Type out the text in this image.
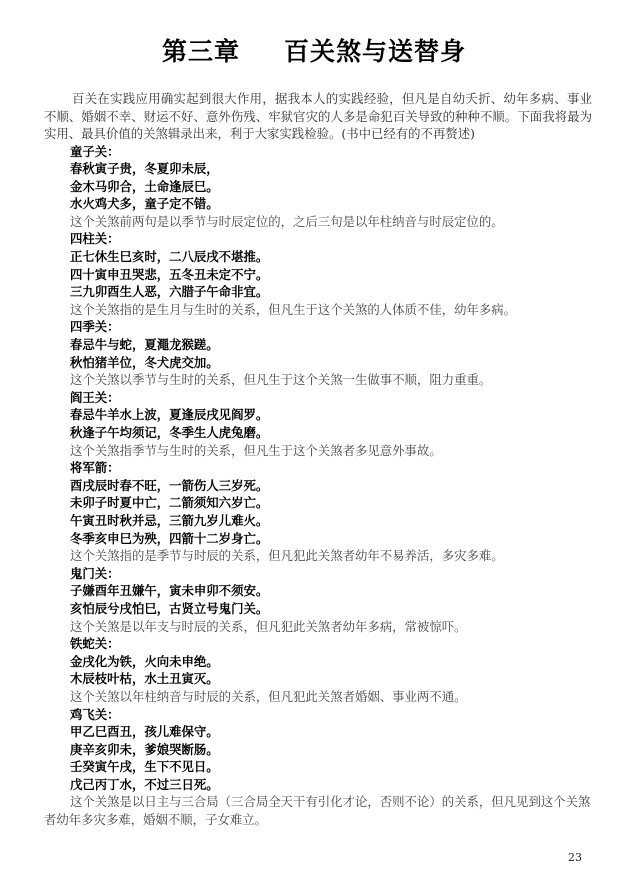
第三章 百关煞与送替身

百关在实践应用确实起到很大作用，据我本人的实践经验，但凡是自幼夭折、幼年多病、事业不顺、婚姻不幸、财运不好、意外伤残、牢狱官灾的人多是命犯百关导致的种种不顺。下面我将最为实用、最具价值的关煞辑录出来，利于大家实践检验。(书中已经有的不再赘述)

童子关：
春秋寅子贵，冬夏卯未辰，
金木马卯合，土命逢辰巳。
水火鸡犬多，童子定不错。
这个关煞前两句是以季节与时辰定位的，之后三句是以年柱纳音与时辰定位的。
四柱关：
正七休生巳亥时，二八辰戌不堪推。
四十寅申丑哭悲，五冬丑未定不宁。
三九卯酉生人恶，六腊子午命非宜。
这个关煞指的是生月与生时的关系，但凡生于这个关煞的人体质不佳，幼年多病。
四季关：
春忌牛与蛇，夏澠龙猴蹉。
秋怕猪羊位，冬犬虎交加。
这个关煞以季节与生时的关系，但凡生于这个关煞一生做事不顺，阻力重重。
阎王关：
春忌牛羊水上波，夏逢辰戌见阎罗。
秋逢子午均须记，冬季生人虎兔磨。
这个关煞指季节与生时的关系，但凡生于这个关煞者多见意外事故。
将军箭：
酉戌辰时春不旺，一箭伤人三岁死。
未卯子时夏中亡，二箭须知六岁亡。
午寅丑时秋并忌，三箭九岁儿难火。
冬季亥申巳为殃，四箭十二岁身亡。
这个关煞指的是季节与时辰的关系，但凡犯此关煞者幼年不易养活，多灾多难。
鬼门关：
子嫌酉年丑嫌午，寅未申卯不须安。
亥怕辰兮戌怕巳，古贤立号鬼门关。
这个关煞是以年支与时辰的关系，但凡犯此关煞者幼年多病，常被惊吓。
铁蛇关：
金戌化为铁，火向未申绝。
木辰枝叶枯，水土丑寅灭。
这个关煞以年柱纳音与时辰的关系，但凡犯此关煞者婚姻、事业两不通。
鸡飞关：
甲乙巳酉丑，孩儿难保守。
庚辛亥卯未，爹娘哭断肠。
壬癸寅午戌，生下不见日。
戊己丙丁水，不过三日死。
这个关煞是以日主与三合局（三合局全天干有引化才论，否则不论）的关系，但凡见到这个关煞者幼年多灾多难，婚姻不顺，子女难立。
23
